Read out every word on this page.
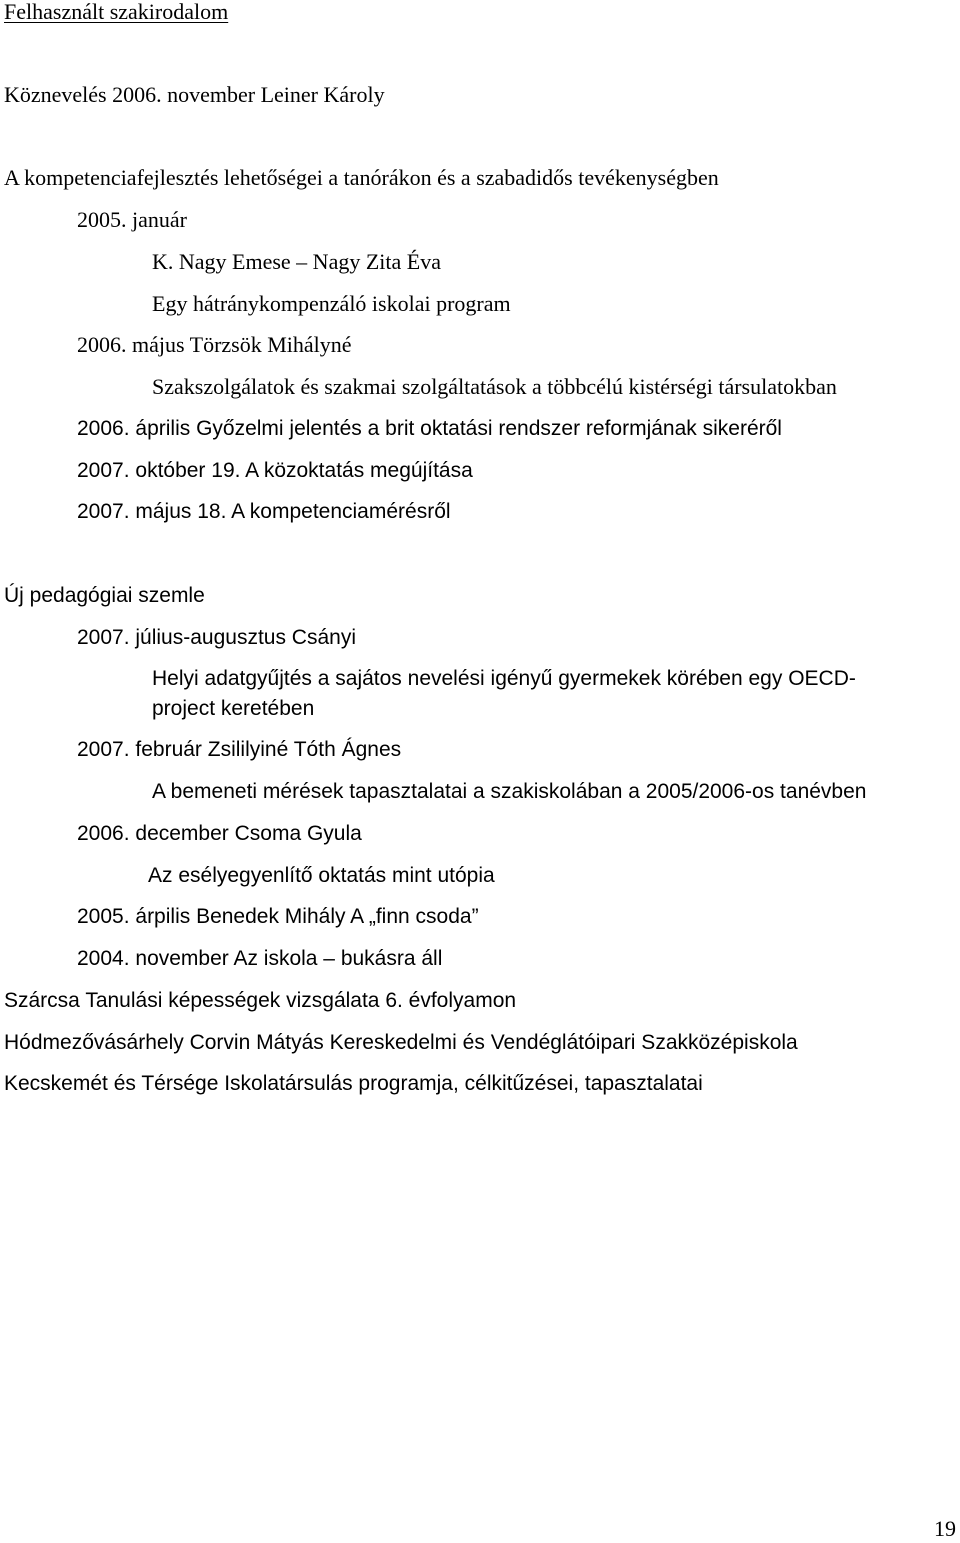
Felhasznált szakirodalom
Köznevelés 2006. november Leiner Károly
A kompetenciafejlesztés lehetőségei a tanórákon és a szabadidős tevékenységben
2005. január
K. Nagy Emese – Nagy Zita Éva
Egy hátránykompenzáló iskolai program
2006. május Törzsök Mihályné
Szakszolgálatok és szakmai szolgáltatások a többcélú kistérségi társulatokban
2006. április Győzelmi jelentés a brit oktatási rendszer reformjának sikeréről
2007. október 19. A közoktatás megújítása
2007. május 18. A kompetenciamérésről
Új pedagógiai szemle
2007. július-augusztus Csányi
Helyi adatgyűjtés a sajátos nevelési igényű gyermekek körében egy OECD-
project keretében
2007. február Zsililyiné Tóth Ágnes
A bemeneti mérések tapasztalatai a szakiskolában a 2005/2006-os tanévben
2006. december Csoma Gyula
Az esélyegyenlítő oktatás mint utópia
2005. árpilis Benedek Mihály A „finn csoda”
2004. november Az iskola – bukásra áll
Szárcsa Tanulási képességek vizsgálata 6. évfolyamon
Hódmezővásárhely Corvin Mátyás Kereskedelmi és Vendéglátóipari Szakközépiskola
Kecskemét és Térsége Iskolatársulás programja, célkitűzései, tapasztalatai
19
